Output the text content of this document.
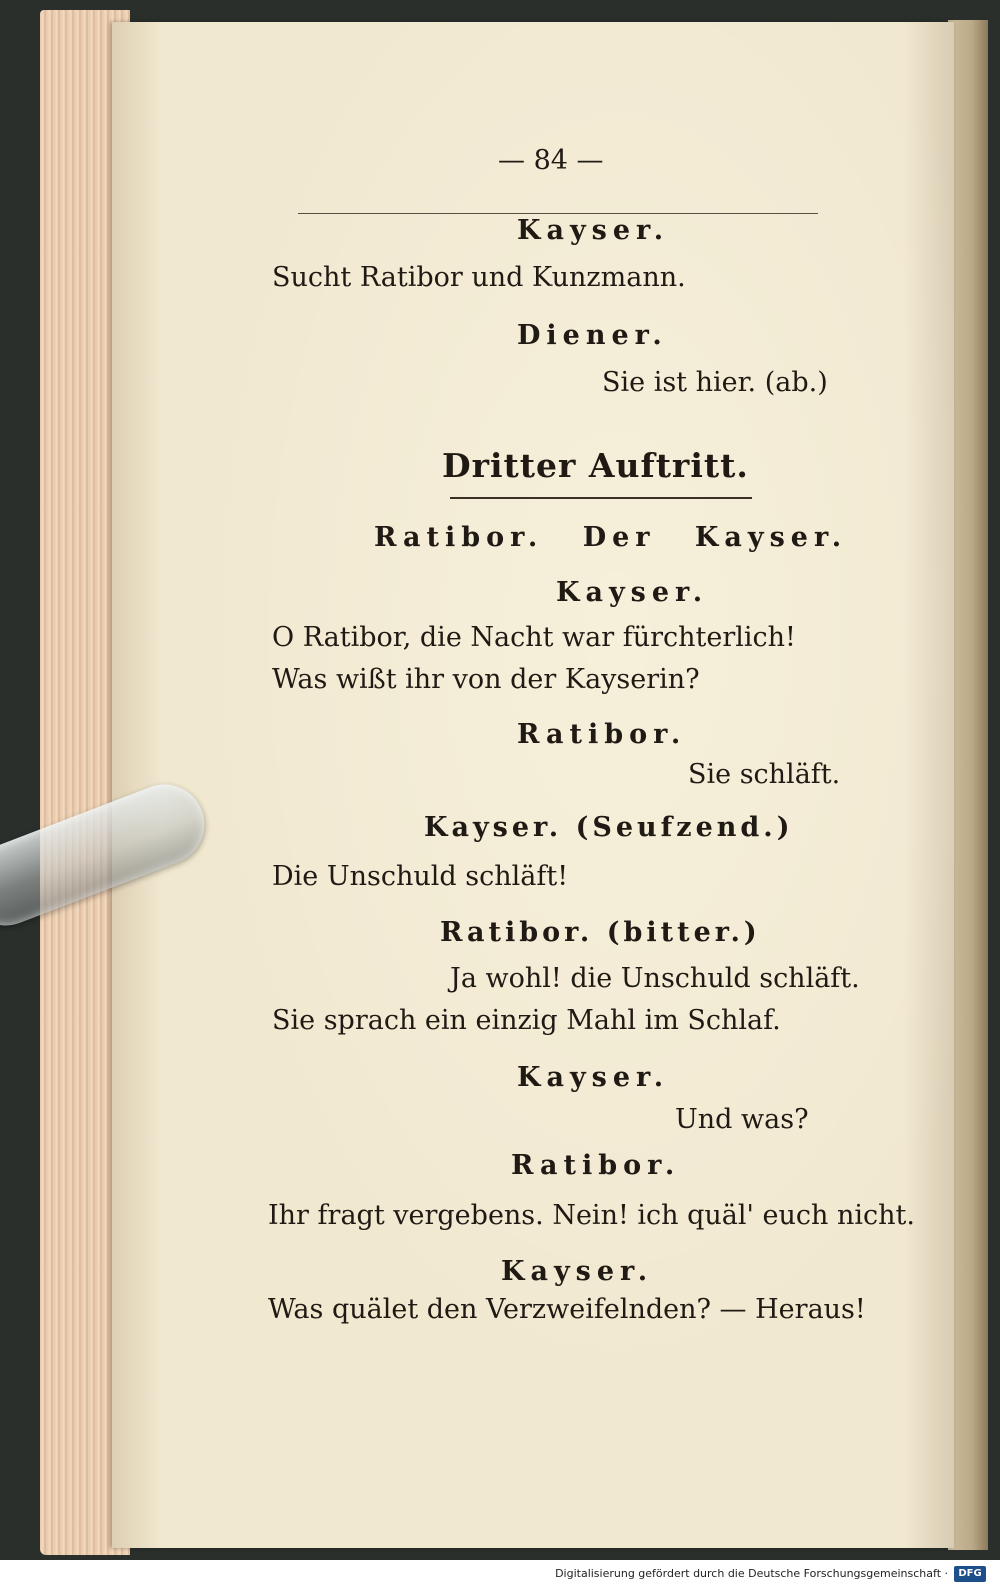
— 84 —
Kayser.
Sucht Ratibor und Kunzmann.
Diener.
Sie ist hier. (ab.)
Dritter Auftritt.
Ratibor. Der Kayser.
Kayser.
O Ratibor, die Nacht war fürchterlich!
Was wißt ihr von der Kayserin?
Ratibor.
Sie schläft.
Kayser. (Seufzend.)
Die Unschuld schläft!
Ratibor. (bitter.)
Ja wohl! die Unschuld schläft.
Sie sprach ein einzig Mahl im Schlaf.
Kayser.
Und was?
Ratibor.
Ihr fragt vergebens. Nein! ich quäl' euch nicht.
Kayser.
Was quälet den Verzweifelnden? — Heraus!
Digitalisierung gefördert durch die Deutsche Forschungsgemeinschaft ·	DFG
